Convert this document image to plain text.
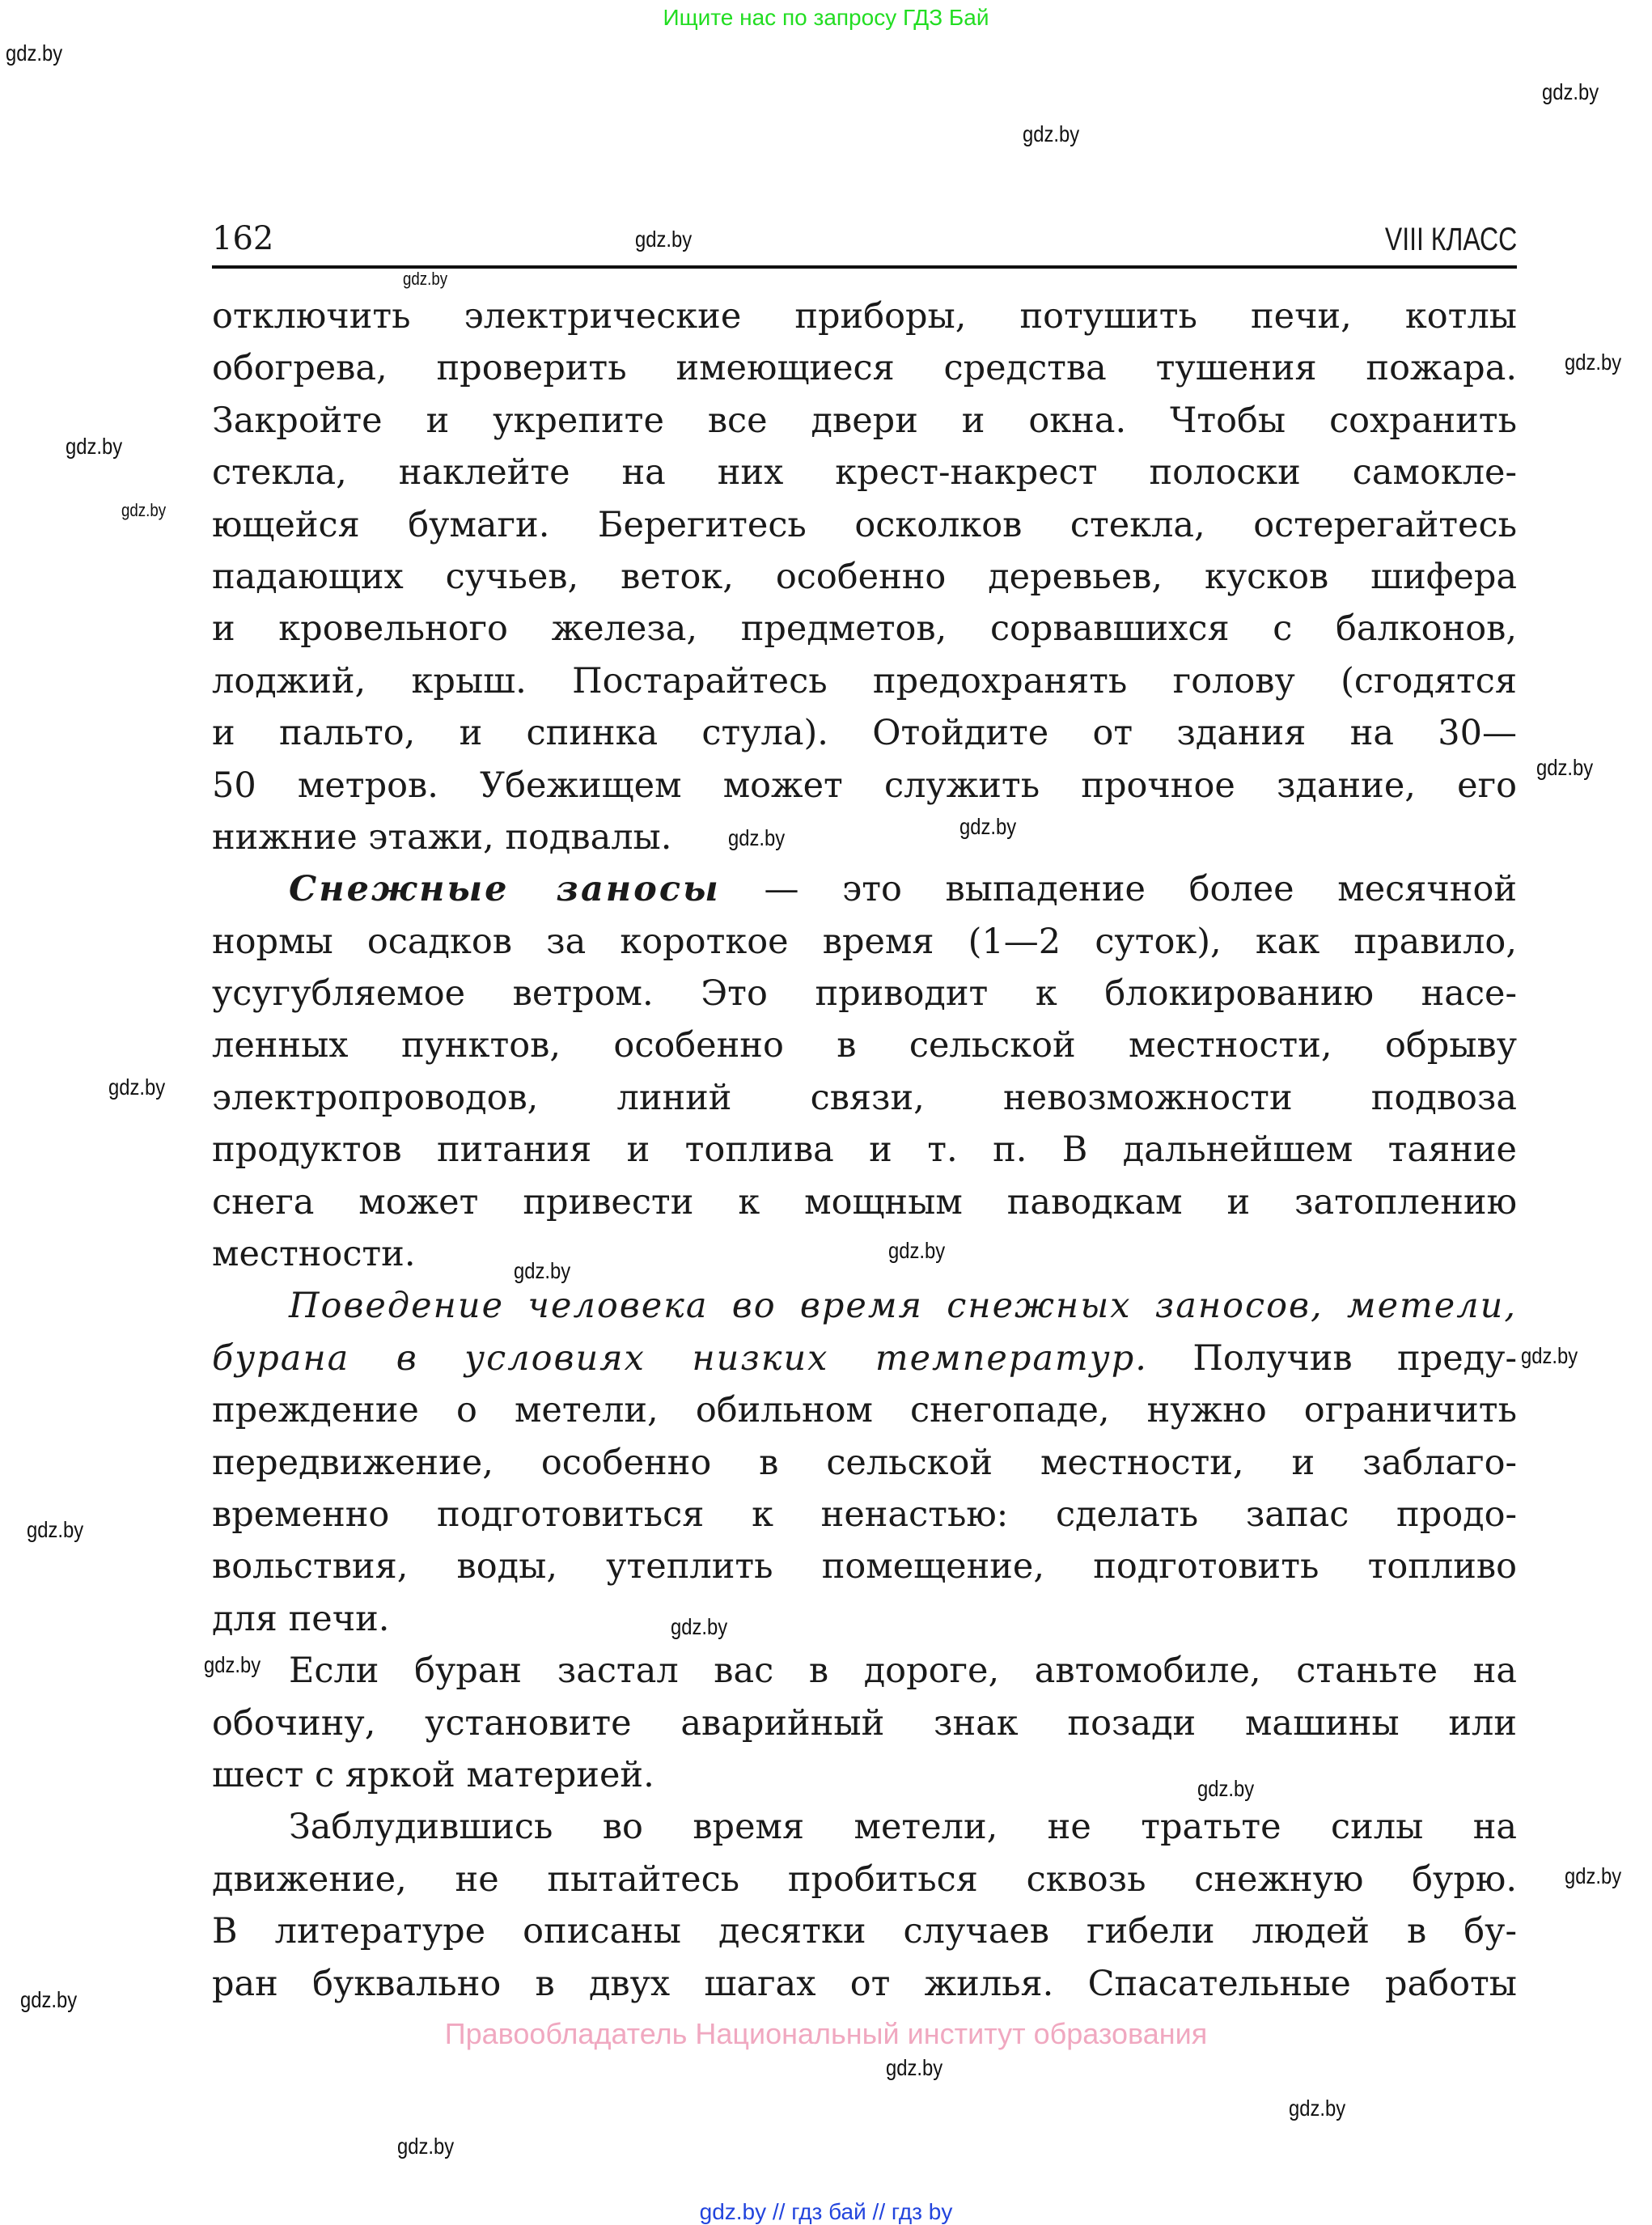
Ищите нас по запросу ГДЗ Бай
162	VIII КЛАСС
отключить электрические приборы, потушить печи, котлы
обогрева, проверить имеющиеся средства тушения пожара.
Закройте и укрепите все двери и окна. Чтобы сохранить
стекла, наклейте на них крест-накрест полоски самокле-
ющейся бумаги. Берегитесь осколков стекла, остерегайтесь
падающих сучьев, веток, особенно деревьев, кусков шифера
и кровельного железа, предметов, сорвавшихся с балконов,
лоджий, крыш. Постарайтесь предохранять голову (сгодятся
и пальто, и спинка стула). Отойдите от здания на 30—
50 метров. Убежищем может служить прочное здание, его
нижние этажи, подвалы.
Снежные заносы — это выпадение более месячной
нормы осадков за короткое время (1—2 суток), как правило,
усугубляемое ветром. Это приводит к блокированию насе-
ленных пунктов, особенно в сельской местности, обрыву
электропроводов, линий связи, невозможности подвоза
продуктов питания и топлива и т. п. В дальнейшем таяние
снега может привести к мощным паводкам и затоплению
местности.
Поведение человека во время снежных заносов, метели,
бурана в условиях низких температур. Получив преду-
преждение о метели, обильном снегопаде, нужно ограничить
передвижение, особенно в сельской местности, и заблаго-
временно подготовиться к ненастью: сделать запас продо-
вольствия, воды, утеплить помещение, подготовить топливо
для печи.
Если буран застал вас в дороге, автомобиле, станьте на
обочину, установите аварийный знак позади машины или
шест с яркой материей.
Заблудившись во время метели, не тратьте силы на
движение, не пытайтесь пробиться сквозь снежную бурю.
В литературе описаны десятки случаев гибели людей в бу-
ран буквально в двух шагах от жилья. Спасательные работы
Правообладатель Национальный институт образования
gdz.by // гдз бай // гдз by
gdz.by
gdz.by
gdz.by
gdz.by
gdz.by
gdz.by
gdz.by
gdz.by
gdz.by
gdz.by
gdz.by
gdz.by
gdz.by
gdz.by
gdz.by
gdz.by
gdz.by
gdz.by
gdz.by
gdz.by
gdz.by
gdz.by
gdz.by
gdz.by
